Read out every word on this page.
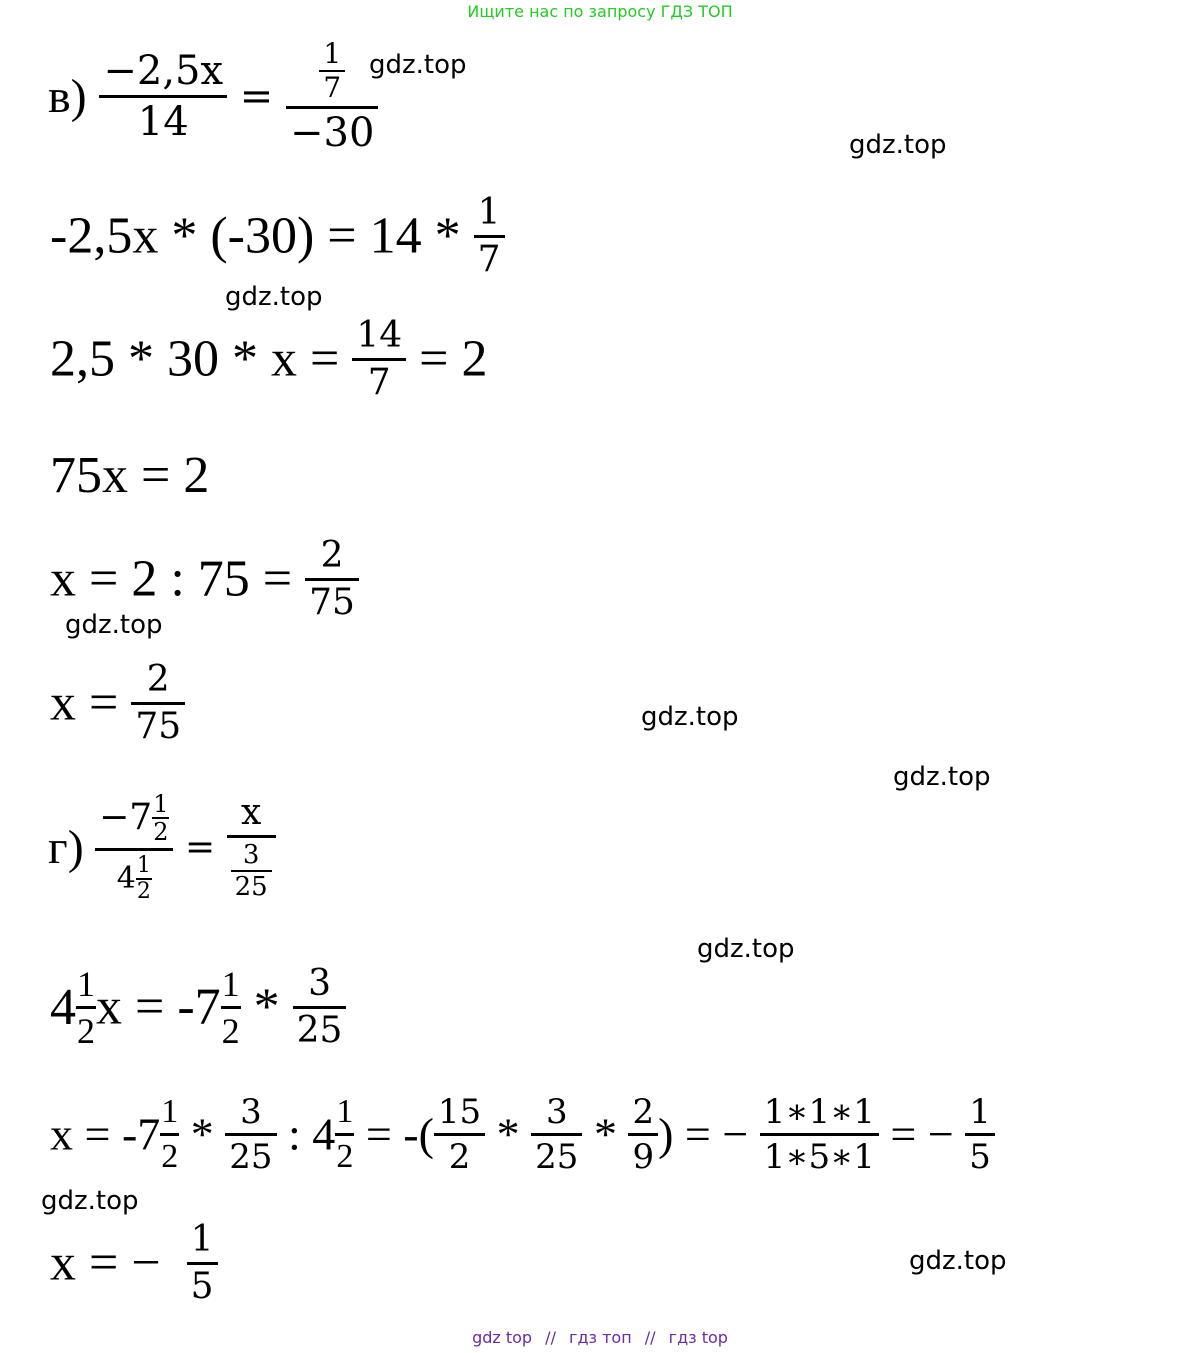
Ищите нас по запросу ГДЗ ТОП
gdz.top
gdz.top
gdz.top
gdz.top
gdz.top
gdz.top
gdz.top
gdz.top
gdz.top
$в) \frac{-2,5x}{14} = \frac{\frac{1}{7}}{-30}$
$-2,5x * (-30) = 14 * \frac{1}{7}$
$2,5 * 30 * x = \frac{14}{7} = 2$
75x = 2
x = 2 : $75 = \frac{2}{75}$
$x = \frac{2}{75}$
$г) \frac{-7 \frac{1}{2}}{4 \frac{1}{2}} = \frac{x}{\frac{3}{25}}$
$4 \frac{1}{2}$ $x = -7 \frac{1}{2} * \frac{3}{25}$
$x = -7 \frac{1}{2} * \frac{3}{25}$ : $4 \frac{1}{2}$ = -( $\frac{15}{2} * \frac{3}{25} * \frac{2}{9}$ ) = − $\frac{1∗1∗1}{1∗5∗1}$ = − $\frac{1}{5}$
x = − $\frac{1}{5}$
gdz top // гдз топ // гдз top
